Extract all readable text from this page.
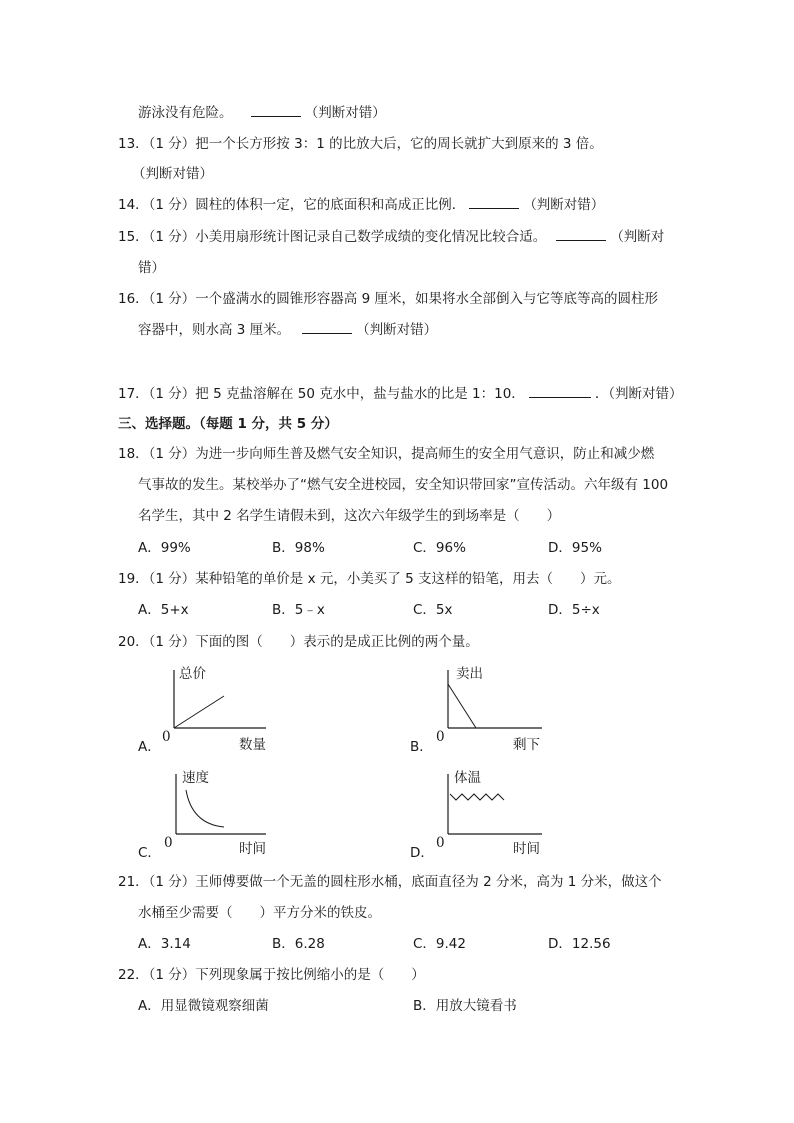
游泳没有危险。	（判断对错）
13．（1 分）把一个长方形按 3：1 的比放大后，它的周长就扩大到原来的 3 倍。
（判断对错）
14．（1 分）圆柱的体积一定，它的底面积和高成正比例．	（判断对错）
15．（1 分）小美用扇形统计图记录自己数学成绩的变化情况比较合适。	（判断对
错）
16．（1 分）一个盛满水的圆锥形容器高 9 厘米，如果将水全部倒入与它等底等高的圆柱形
容器中，则水高 3 厘米。	（判断对错）
17．（1 分）把 5 克盐溶解在 50 克水中，盐与盐水的比是 1：10．	．（判断对错）
三、选择题。（每题 1 分，共 5 分）
18．（1 分）为进一步向师生普及燃气安全知识，提高师生的安全用气意识，防止和减少燃
气事故的发生。某校举办了“燃气安全进校园，安全知识带回家”宣传活动。六年级有 100
名学生，其中 2 名学生请假未到，这次六年级学生的到场率是（　　）
A．99%	B．98%	C．96%	D．95%
19．（1 分）某种铅笔的单价是 x 元，小美买了 5 支这样的铅笔，用去（　　）元。
A．5+x	B．5﹣x	C．5x	D．5÷x
20．（1 分）下面的图（　　）表示的是成正比例的两个量。
A．
总价
0	数量	B．
卖出
0	剩下
C．
速度
0	时间	D．
体温
0	时间
21．（1 分）王师傅要做一个无盖的圆柱形水桶，底面直径为 2 分米，高为 1 分米，做这个
水桶至少需要（　　）平方分米的铁皮。
A．3.14	B．6.28	C．9.42	D．12.56
22．（1 分）下列现象属于按比例缩小的是（　　）
A．用显微镜观察细菌	B．用放大镜看书
